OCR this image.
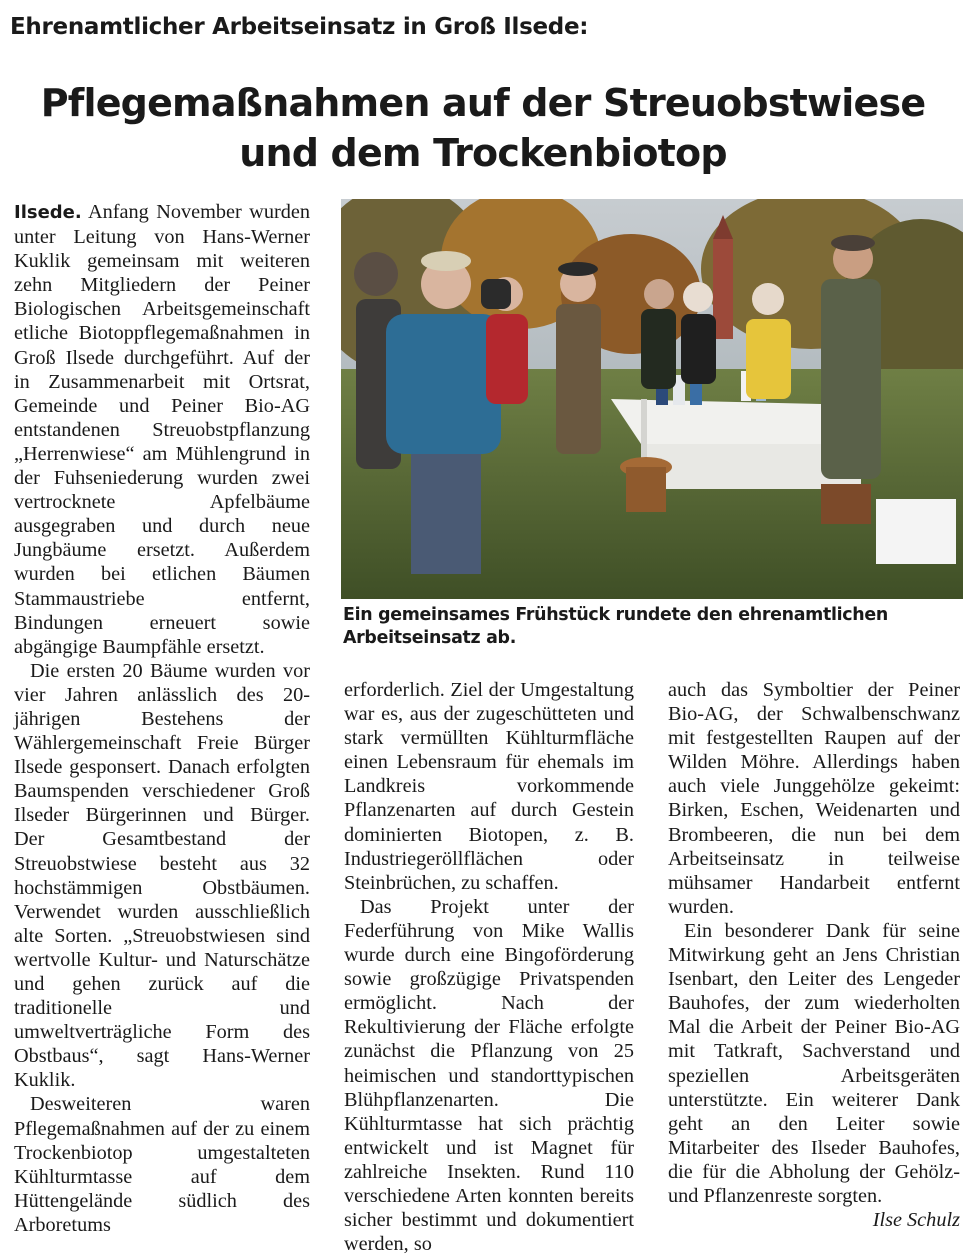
Ehrenamtlicher Arbeitseinsatz in Groß Ilsede:
Pflegemaßnahmen auf der Streuobstwiese
und dem Trockenbiotop

Ilsede. Anfang November wurden unter Leitung von Hans-Werner Kuklik gemeinsam mit weiteren zehn Mitgliedern der Peiner Biologischen Arbeitsgemeinschaft etliche Biotoppflegemaßnahmen in Groß Ilsede durchgeführt. Auf der in Zusammenarbeit mit Ortsrat, Gemeinde und Peiner Bio-AG entstandenen Streuobstpflanzung „Herrenwiese“ am Mühlengrund in der Fuhseniederung wurden zwei vertrocknete Apfelbäume ausgegraben und durch neue Jungbäume ersetzt. Außerdem wurden bei etlichen Bäumen Stammaustriebe entfernt, Bindungen erneuert sowie abgängige Baumpfähle ersetzt.

Die ersten 20 Bäume wurden vor vier Jahren anlässlich des 20-jährigen Bestehens der Wählergemeinschaft Freie Bürger Ilsede gesponsert. Danach erfolgten Baumspenden verschiedener Groß Ilseder Bürgerinnen und Bürger. Der Gesamtbestand der Streuobstwiese besteht aus 32 hochstämmigen Obstbäumen. Verwendet wurden ausschließlich alte Sorten. „Streuobstwiesen sind wertvolle Kultur- und Naturschätze und gehen zurück auf die traditionelle und umweltverträgliche Form des Obstbaus“, sagt Hans-Werner Kuklik.

Desweiteren waren Pflegemaßnahmen auf der zu einem Trockenbiotop umgestalteten Kühlturmtasse auf dem Hüttengelände südlich des Arboretums

Ein gemeinsames Frühstück rundete den ehrenamtlichen Arbeitseinsatz ab.

erforderlich. Ziel der Umgestaltung war es, aus der zugeschütteten und stark vermüllten Kühlturmfläche einen Lebensraum für ehemals im Landkreis vorkommende Pflanzenarten auf durch Gestein dominierten Biotopen, z. B. Industriegeröllflächen oder Steinbrüchen, zu schaffen.

Das Projekt unter der Federführung von Mike Wallis wurde durch eine Bingoförderung sowie großzügige Privatspenden ermöglicht. Nach der Rekultivierung der Fläche erfolgte zunächst die Pflanzung von 25 heimischen und standorttypischen Blühpflanzenarten. Die Kühlturmtasse hat sich prächtig entwickelt und ist Magnet für zahlreiche Insekten. Rund 110 verschiedene Arten konnten bereits sicher bestimmt und dokumentiert werden, so

auch das Symboltier der Peiner Bio-AG, der Schwalbenschwanz mit festgestellten Raupen auf der Wilden Möhre. Allerdings haben auch viele Junggehölze gekeimt: Birken, Eschen, Weidenarten und Brombeeren, die nun bei dem Arbeitseinsatz in teilweise mühsamer Handarbeit entfernt wurden.

Ein besonderer Dank für seine Mitwirkung geht an Jens Christian Isenbart, den Leiter des Lengeder Bauhofes, der zum wiederholten Mal die Arbeit der Peiner Bio-AG mit Tatkraft, Sachverstand und speziellen Arbeitsgeräten unterstützte. Ein weiterer Dank geht an den Leiter sowie Mitarbeiter des Ilseder Bauhofes, die für die Abholung der Gehölz- und Pflanzenreste sorgten.
Ilse Schulz
